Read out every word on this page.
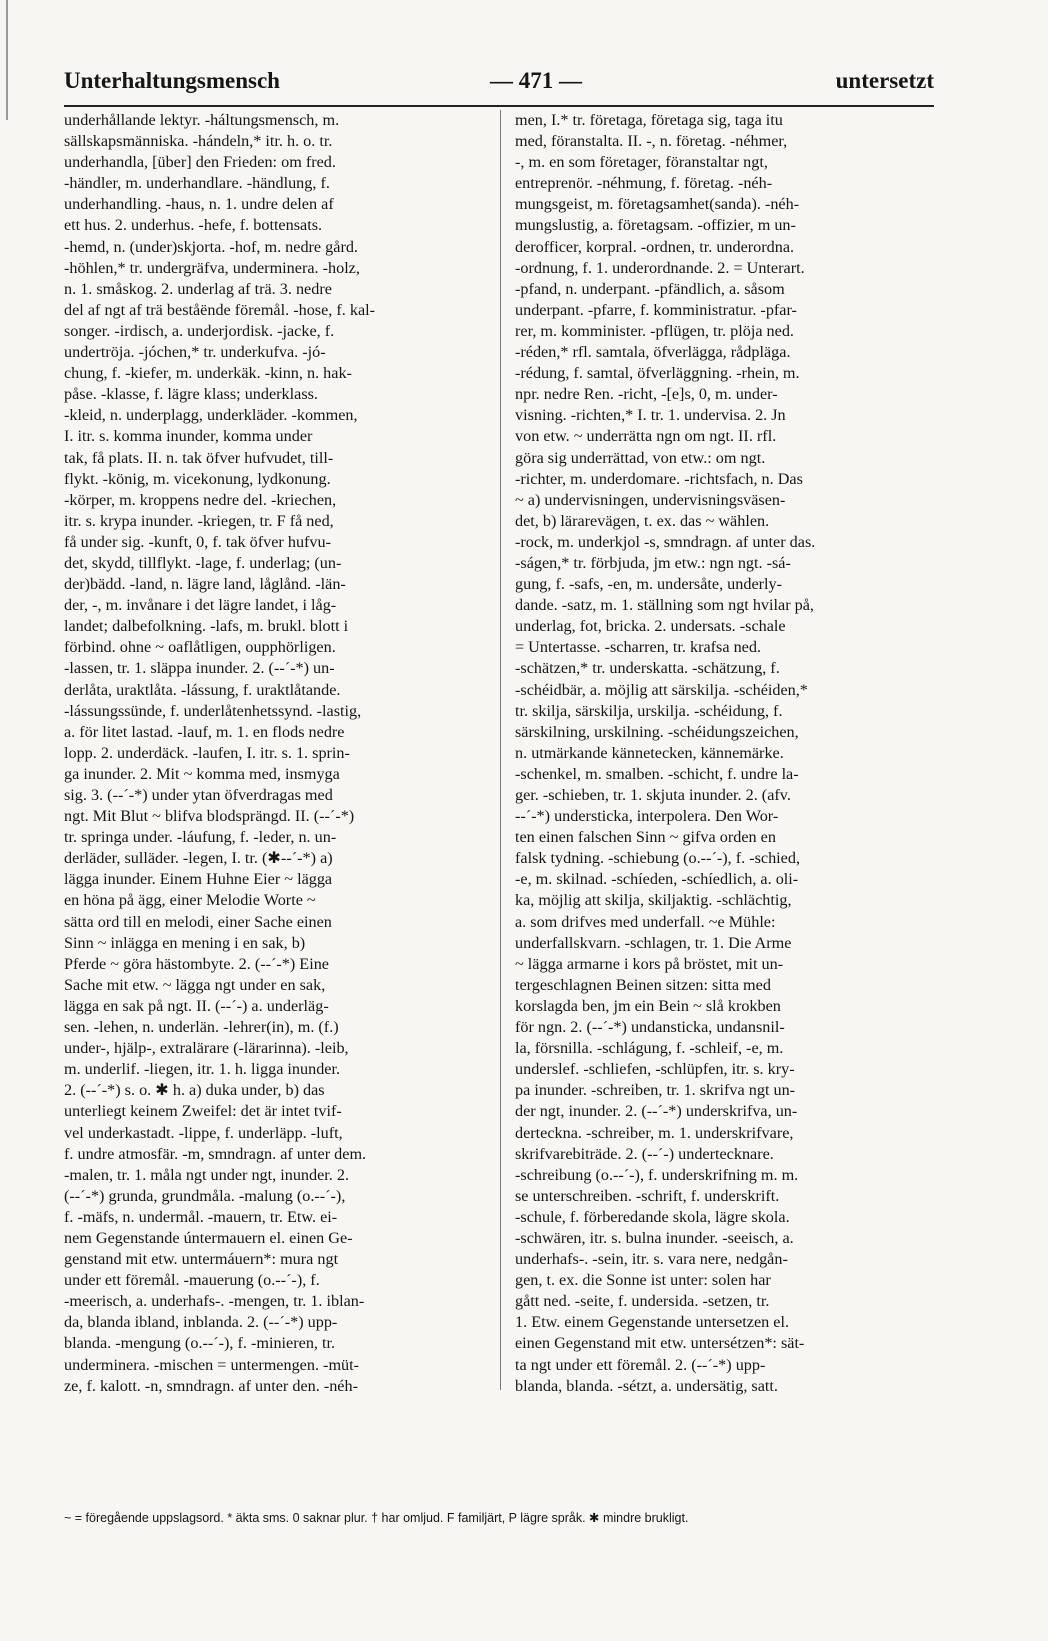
Unterhaltungsmensch	— 471 —	untersetzt
underhållande lektyr. -háltungsmensch, m.
sällskapsmänniska. -hándeln,* itr. h. o. tr.
underhandla, [über] den Frieden: om fred.
-händler, m. underhandlare. -händlung, f.
underhandling. -haus, n. 1. undre delen af
ett hus. 2. underhus. -hefe, f. bottensats.
-hemd, n. (under)skjorta. -hof, m. nedre gård.
-höhlen,* tr. undergräfva, underminera. -holz,
n. 1. småskog. 2. underlag af trä. 3. nedre
del af ngt af trä beståënde föremål. -hose, f. kal-
songer. -irdisch, a. underjordisk. -jacke, f.
undertröja. -jóchen,* tr. underkufva. -jó-
chung, f. -kiefer, m. underkäk. -kinn, n. hak-
påse. -klasse, f. lägre klass; underklass.
-kleid, n. underplagg, underkläder. -kommen,
I. itr. s. komma inunder, komma under
tak, få plats. II. n. tak öfver hufvudet, till-
flykt. -könig, m. vicekonung, lydkonung.
-körper, m. kroppens nedre del. -kriechen,
itr. s. krypa inunder. -kriegen, tr. F få ned,
få under sig. -kunft, 0, f. tak öfver hufvu-
det, skydd, tillflykt. -lage, f. underlag; (un-
der)bädd. -land, n. lägre land, låglånd. -län-
der, -, m. invånare i det lägre landet, i låg-
landet; dalbefolkning. -lafs, m. brukl. blott i
förbind. ohne ~ oaflåtligen, oupphörligen.
-lassen, tr. 1. släppa inunder. 2. (--´-*) un-
derlåta, uraktlåta. -lássung, f. uraktlåtande.
-lássungssünde, f. underlåtenhetssynd. -lastig,
a. för litet lastad. -lauf, m. 1. en flods nedre
lopp. 2. underdäck. -laufen, I. itr. s. 1. sprin-
ga inunder. 2. Mit ~ komma med, insmyga
sig. 3. (--´-*) under ytan öfverdragas med
ngt. Mit Blut ~ blifva blodsprängd. II. (--´-*)
tr. springa under. -láufung, f. -leder, n. un-
derläder, sulläder. -legen, I. tr. (✱--´-*) a)
lägga inunder. Einem Huhne Eier ~ lägga
en höna på ägg, einer Melodie Worte ~
sätta ord till en melodi, einer Sache einen
Sinn ~ inlägga en mening i en sak, b)
Pferde ~ göra hästombyte. 2. (--´-*) Eine
Sache mit etw. ~ lägga ngt under en sak,
lägga en sak på ngt. II. (--´-) a. underläg-
sen. -lehen, n. underlän. -lehrer(in), m. (f.)
under-, hjälp-, extralärare (-lärarinna). -leib,
m. underlif. -liegen, itr. 1. h. ligga inunder.
2. (--´-*) s. o. ✱ h. a) duka under, b) das
unterliegt keinem Zweifel: det är intet tvif-
vel underkastadt. -lippe, f. underläpp. -luft,
f. undre atmosfär. -m, smndragn. af unter dem.
-malen, tr. 1. måla ngt under ngt, inunder. 2.
(--´-*) grunda, grundmåla. -malung (o.--´-),
f. -mäfs, n. undermål. -mauern, tr. Etw. ei-
nem Gegenstande úntermauern el. einen Ge-
genstand mit etw. untermáuern*: mura ngt
under ett föremål. -mauerung (o.--´-), f.
-meerisch, a. underhafs-. -mengen, tr. 1. iblan-
da, blanda ibland, inblanda. 2. (--´-*) upp-
blanda. -mengung (o.--´-), f. -minieren, tr.
underminera. -mischen = untermengen. -müt-
ze, f. kalott. -n, smndragn. af unter den. -néh-
men, I.* tr. företaga, företaga sig, taga itu
med, föranstalta. II. -, n. företag. -néhmer,
-, m. en som företager, föranstaltar ngt,
entreprenör. -néhmung, f. företag. -néh-
mungsgeist, m. företagsamhet(sanda). -néh-
mungslustig, a. företagsam. -offizier, m un-
derofficer, korpral. -ordnen, tr. underordna.
-ordnung, f. 1. underordnande. 2. = Unterart.
-pfand, n. underpant. -pfändlich, a. såsom
underpant. -pfarre, f. komministratur. -pfar-
rer, m. komminister. -pflügen, tr. plöja ned.
-réden,* rfl. samtala, öfverlägga, rådpläga.
-rédung, f. samtal, öfverläggning. -rhein, m.
npr. nedre Ren. -richt, -[e]s, 0, m. under-
visning. -richten,* I. tr. 1. undervisa. 2. Jn
von etw. ~ underrätta ngn om ngt. II. rfl.
göra sig underrättad, von etw.: om ngt.
-richter, m. underdomare. -richtsfach, n. Das
~ a) undervisningen, undervisningsväsen-
det, b) lärarevägen, t. ex. das ~ wählen.
-rock, m. underkjol -s, smndragn. af unter das.
-ságen,* tr. förbjuda, jm etw.: ngn ngt. -sá-
gung, f. -safs, -en, m. undersåte, underly-
dande. -satz, m. 1. ställning som ngt hvilar på,
underlag, fot, bricka. 2. undersats. -schale
= Untertasse. -scharren, tr. krafsa ned.
-schätzen,* tr. underskatta. -schätzung, f.
-schéidbär, a. möjlig att särskilja. -schéiden,*
tr. skilja, särskilja, urskilja. -schéidung, f.
särskilning, urskilning. -schéidungszeichen,
n. utmärkande kännetecken, kännemärke.
-schenkel, m. smalben. -schicht, f. undre la-
ger. -schieben, tr. 1. skjuta inunder. 2. (afv.
--´-*) understicka, interpolera. Den Wor-
ten einen falschen Sinn ~ gifva orden en
falsk tydning. -schiebung (o.--´-), f. -schied,
-e, m. skilnad. -schíeden, -schíedlich, a. oli-
ka, möjlig att skilja, skiljaktig. -schlächtig,
a. som drifves med underfall. ~e Mühle:
underfallskvarn. -schlagen, tr. 1. Die Arme
~ lägga armarne i kors på bröstet, mit un-
tergeschlagnen Beinen sitzen: sitta med
korslagda ben, jm ein Bein ~ slå krokben
för ngn. 2. (--´-*) undansticka, undansnil-
la, försnilla. -schlágung, f. -schleif, -e, m.
underslef. -schliefen, -schlüpfen, itr. s. kry-
pa inunder. -schreiben, tr. 1. skrifva ngt un-
der ngt, inunder. 2. (--´-*) underskrifva, un-
derteckna. -schreiber, m. 1. underskrifvare,
skrifvarebiträde. 2. (--´-) undertecknare.
-schreibung (o.--´-), f. underskrifning m. m.
se unterschreiben. -schrift, f. underskrift.
-schule, f. förberedande skola, lägre skola.
-schwären, itr. s. bulna inunder. -seeisch, a.
underhafs-. -sein, itr. s. vara nere, nedgån-
gen, t. ex. die Sonne ist unter: solen har
gått ned. -seite, f. undersida. -setzen, tr.
1. Etw. einem Gegenstande untersetzen el.
einen Gegenstand mit etw. untersétzen*: sät-
ta ngt under ett föremål. 2. (--´-*) upp-
blanda, blanda. -sétzt, a. undersätig, satt.
~ = föregående uppslagsord. * äkta sms. 0 saknar plur. † har omljud. F familjärt, P lägre språk. ✱ mindre brukligt.
